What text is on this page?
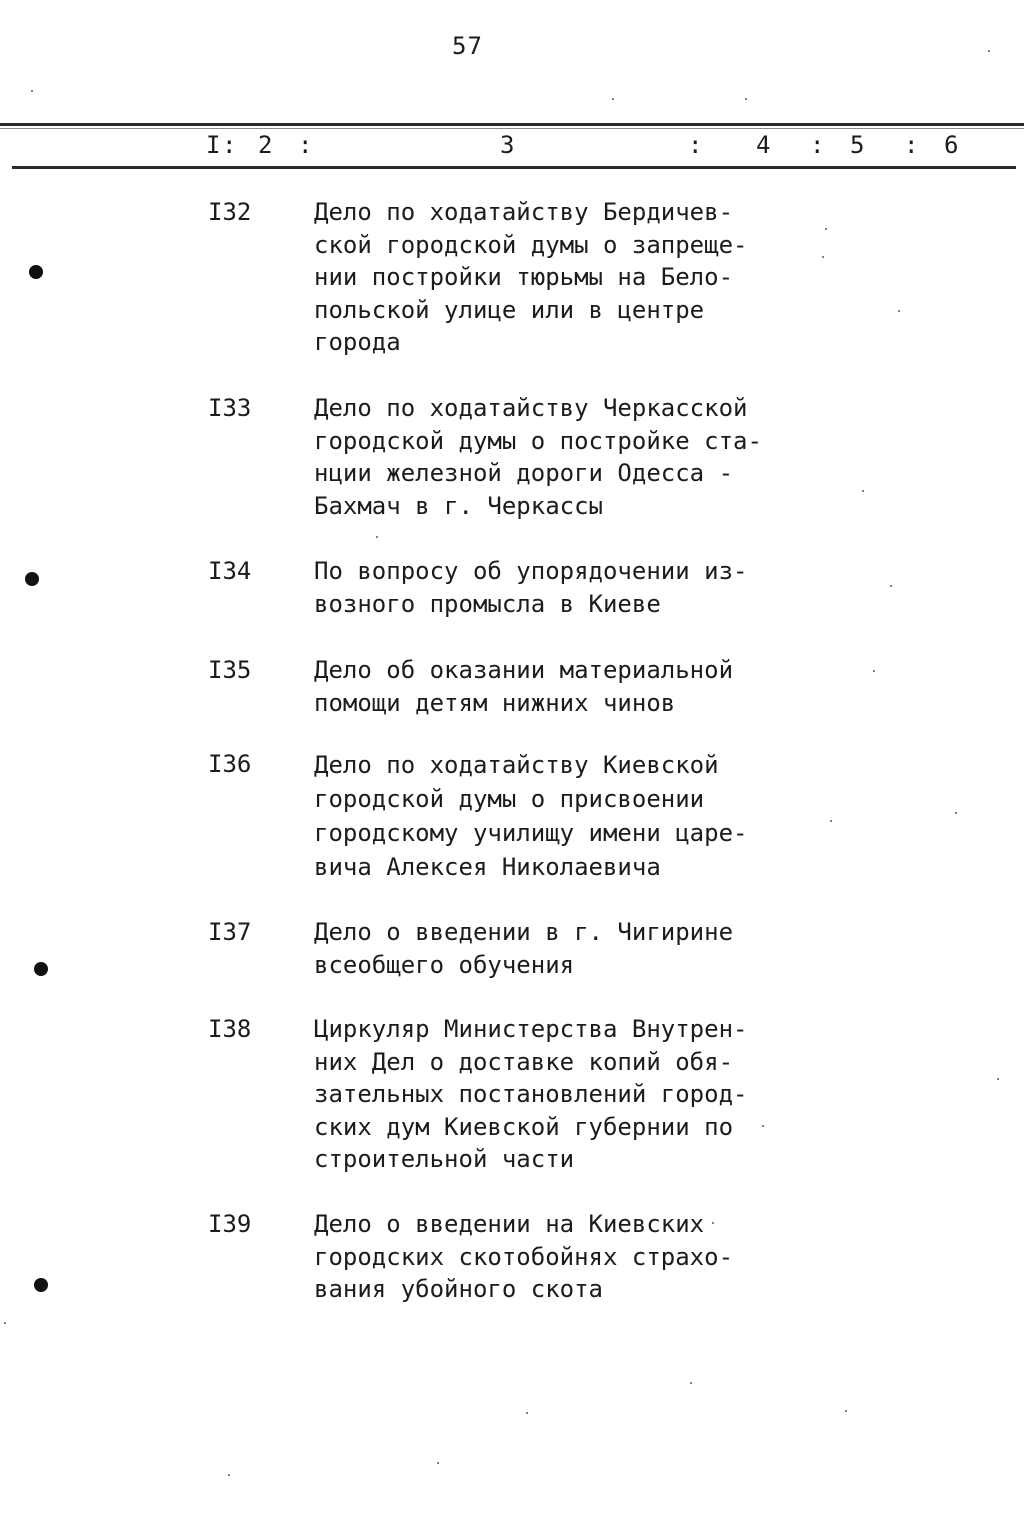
57
I : 2 :	3	: 4 : 5 : 6
I32	Дело по ходатайству Бердичев-
ской городской думы о запреще-
нии постройки тюрьмы на Бело-
польской улице или в центре
города
I33	Дело по ходатайству Черкасской
городской думы о постройке ста-
нции железной дороги Одесса -
Бахмач в г. Черкассы
I34	По вопросу об упорядочении из-
возного промысла в Киеве
I35	Дело об оказании материальной
помощи детям нижних чинов
I36	Дело по ходатайству Киевской
городской думы о присвоении
городскому училищу имени царе-
вича Алексея Николаевича
I37	Дело о введении в г. Чигирине
всеобщего обучения
I38	Циркуляр Министерства Внутрен-
них Дел о доставке копий обя-
зательных постановлений город-
ских дум Киевской губернии по
строительной части
I39	Дело о введении на Киевских
городских скотобойнях страхо-
вания убойного скота
